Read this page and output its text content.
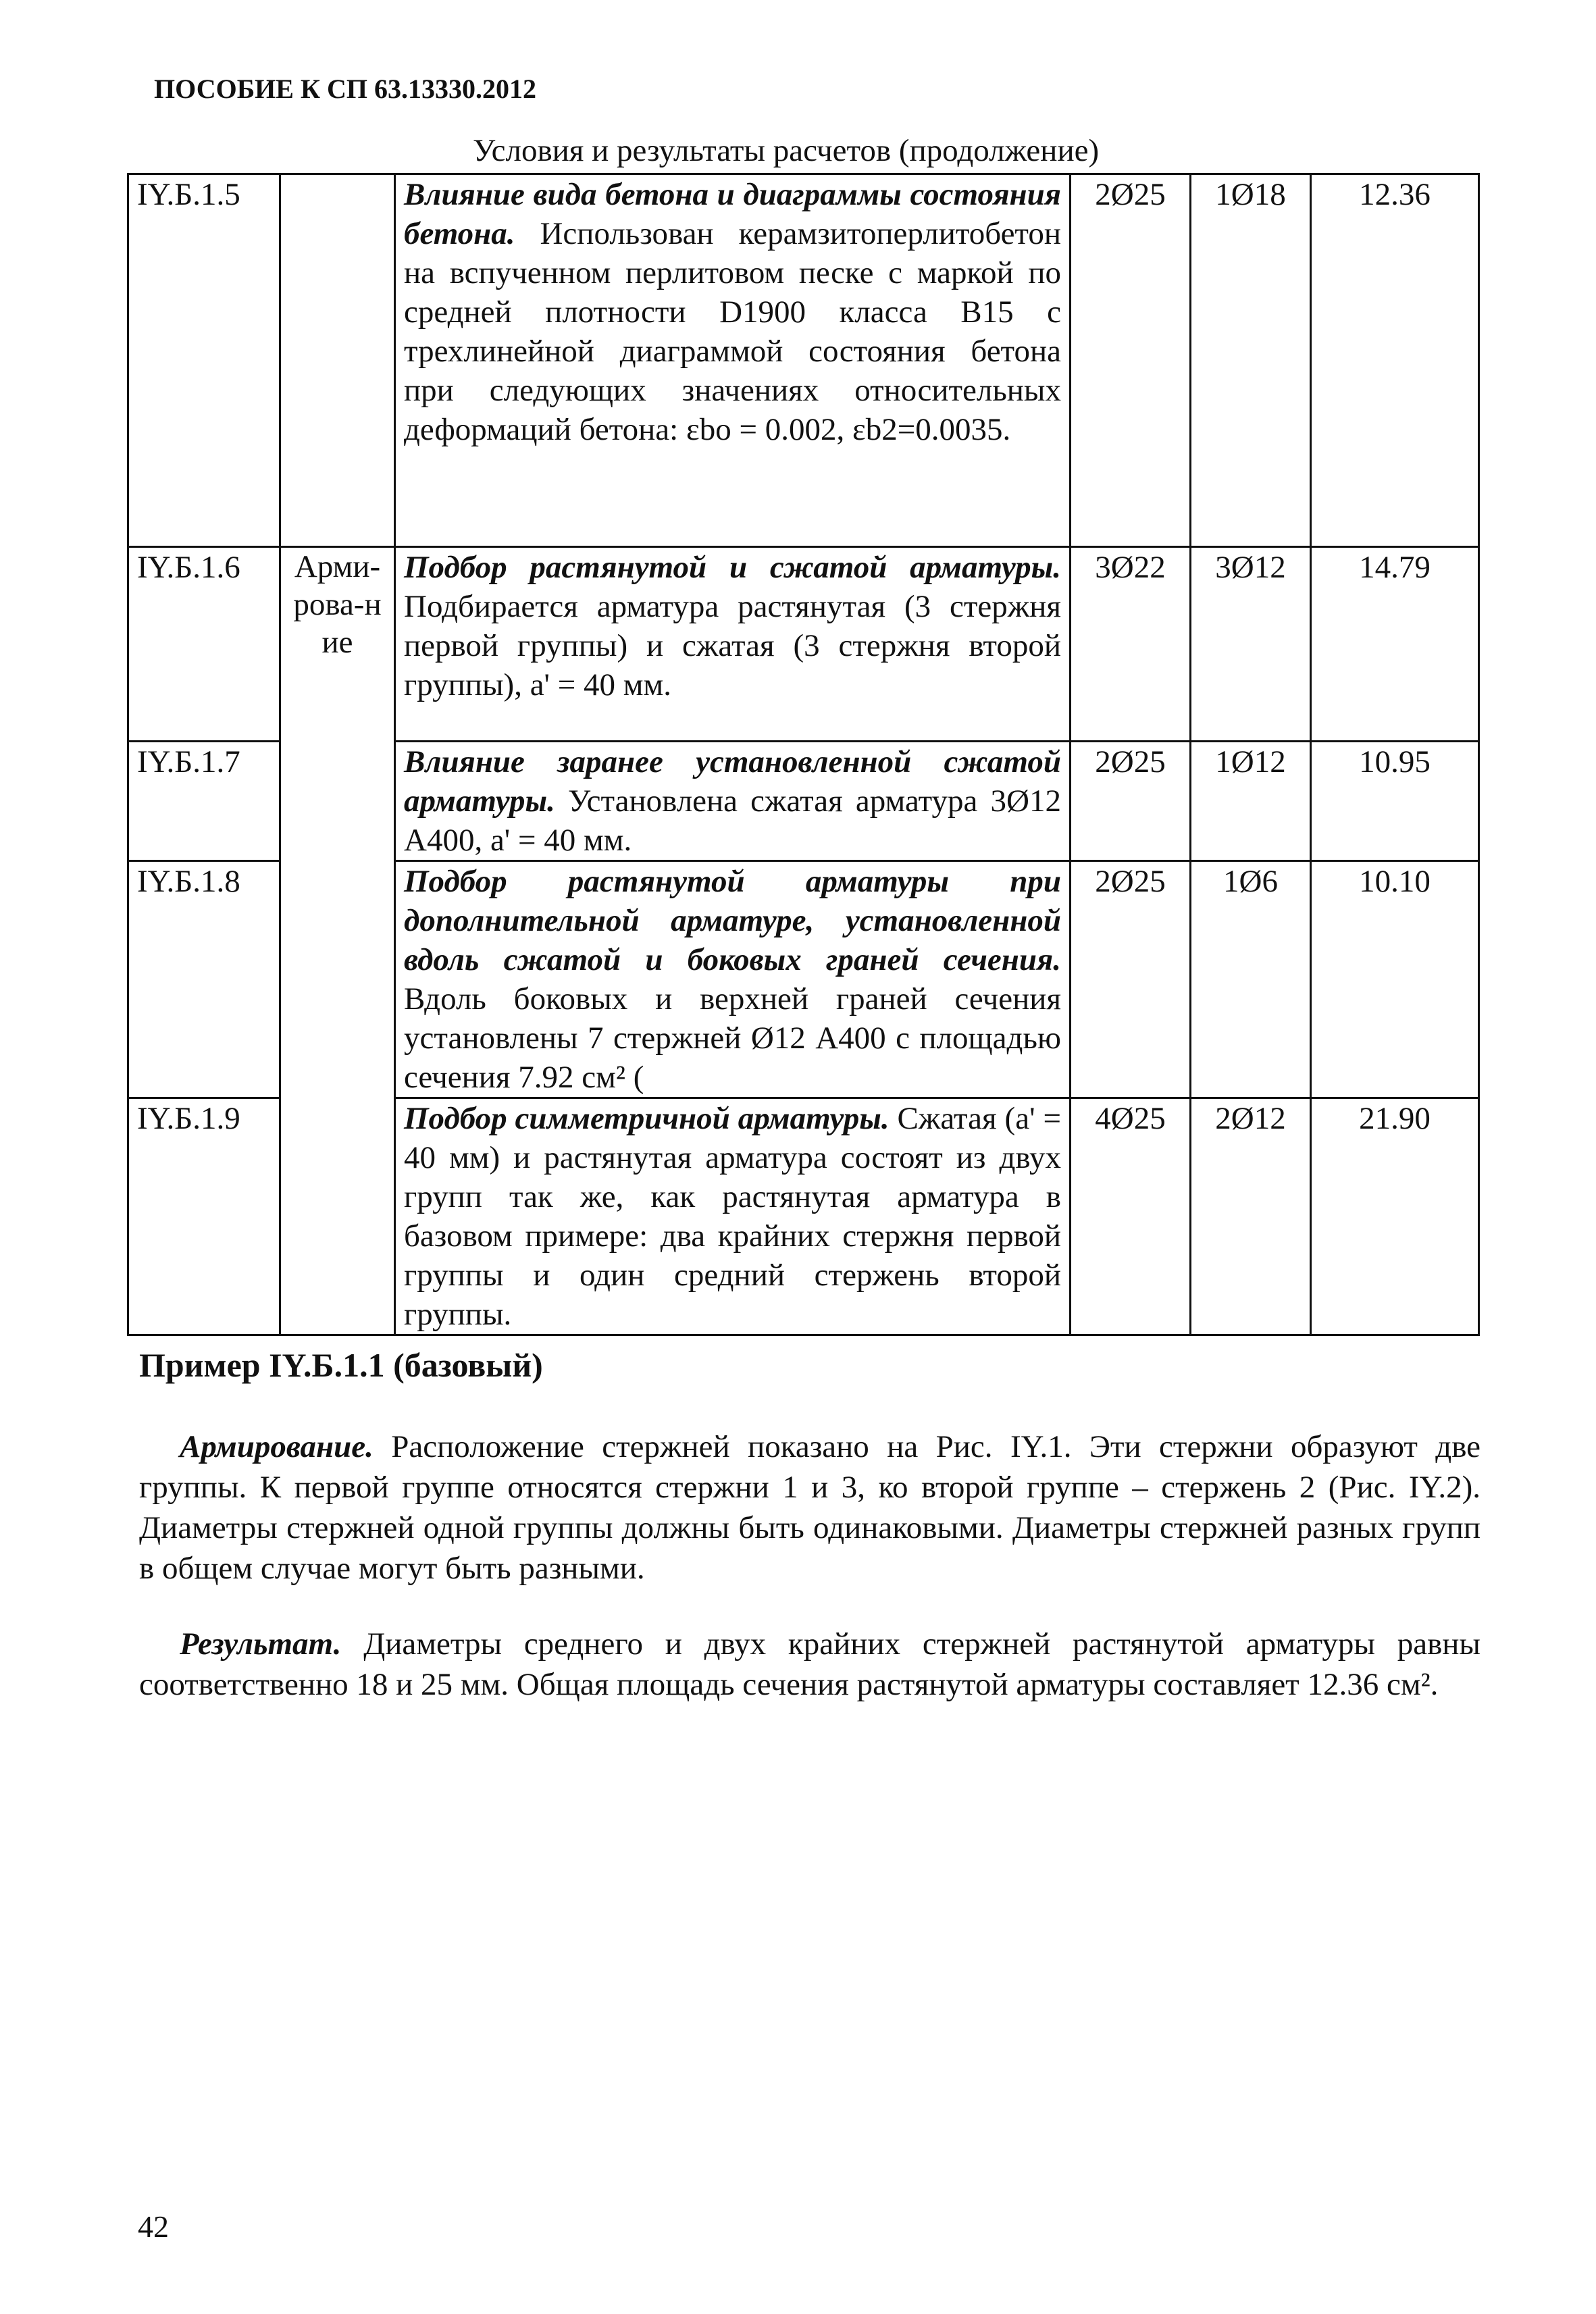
ПОСОБИЕ К СП 63.13330.2012
Условия и результаты расчетов (продолжение)
IY.Б.1.5		Влияние вида бетона и диаграммы состояния бетона. Использован керамзитоперлитобетон на вспученном перлитовом песке с маркой по средней плотности D1900 класса B15 с трехлинейной диаграммой состояния бетона при следующих значениях относительных деформаций бетона: εbo = 0.002, εb2=0.0035.	2Ø25	1Ø18	12.36
IY.Б.1.6	Арми-рова-ние	Подбор растянутой и сжатой арматуры. Подбирается арматура растянутая (3 стержня первой группы) и сжатая (3 стержня второй группы), a' = 40 мм.	3Ø22	3Ø12	14.79
IY.Б.1.7		Влияние заранее установленной сжатой арматуры. Установлена сжатая арматура 3Ø12 А400, a' = 40 мм.	2Ø25	1Ø12	10.95
IY.Б.1.8		Подбор растянутой арматуры при дополнительной арматуре, установленной вдоль сжатой и боковых граней сечения. Вдоль боковых и верхней граней сечения установлены 7 стержней Ø12 А400 с площадью сечения 7.92 см² (	2Ø25	1Ø6	10.10
IY.Б.1.9		Подбор симметричной арматуры. Сжатая (a' = 40 мм) и растянутая арматура состоят из двух групп так же, как растянутая арматура в базовом примере: два крайних стержня первой группы и один средний стержень второй группы.	4Ø25	2Ø12	21.90
Пример IY.Б.1.1 (базовый)
Армирование. Расположение стержней показано на Рис. IY.1. Эти стержни образуют две группы. К первой группе относятся стержни 1 и 3, ко второй группе – стержень 2 (Рис. IY.2). Диаметры стержней одной группы должны быть одинаковыми. Диаметры стержней разных групп в общем случае могут быть разными.
Результат. Диаметры среднего и двух крайних стержней растянутой арматуры равны соответственно 18 и 25 мм. Общая площадь сечения растянутой арматуры составляет 12.36 см².
42
